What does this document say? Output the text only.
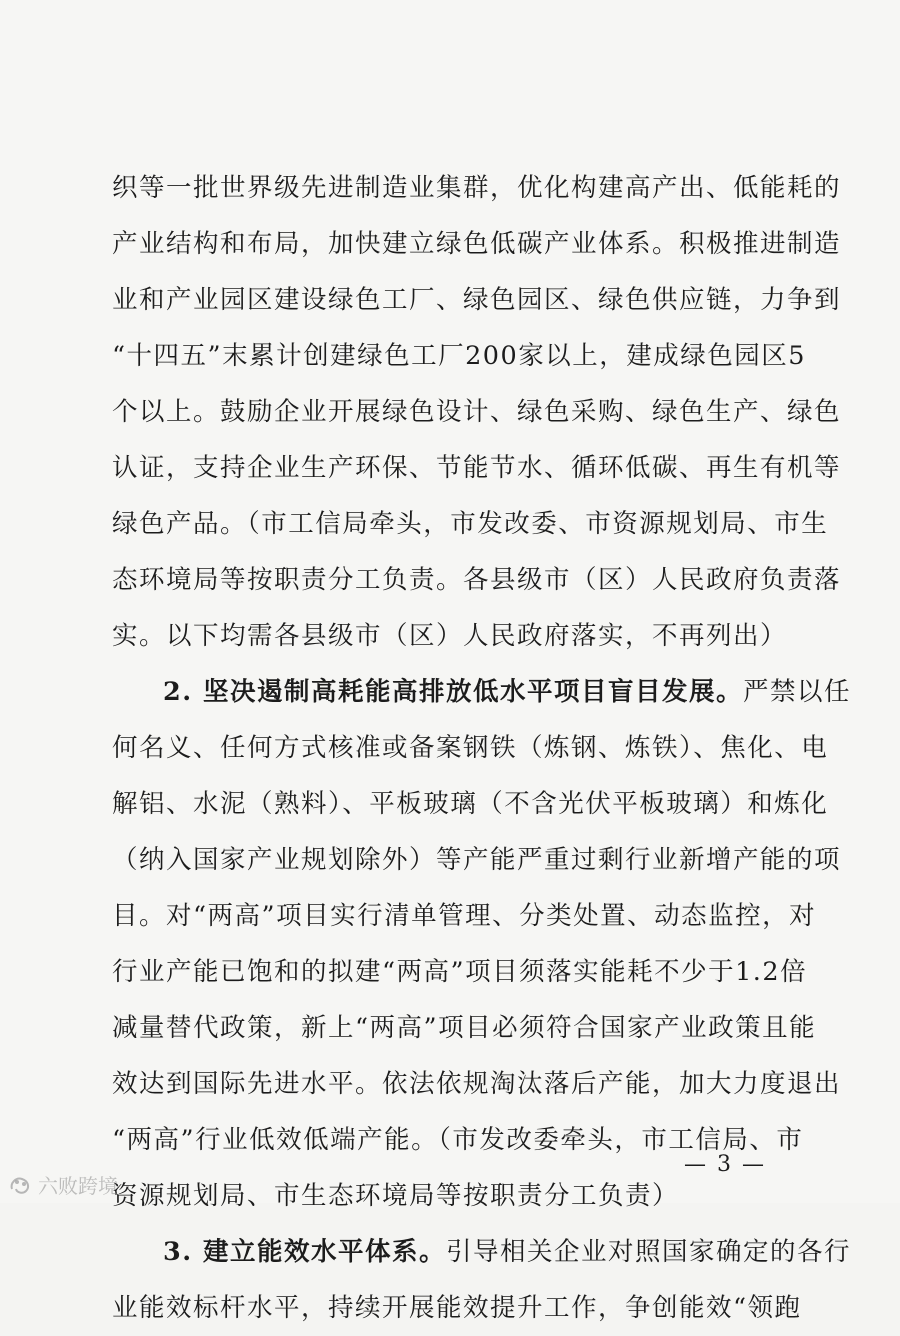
织等一批世界级先进制造业集群，优化构建高产出、低能耗的
产业结构和布局，加快建立绿色低碳产业体系。积极推进制造
业和产业园区建设绿色工厂、绿色园区、绿色供应链，力争到
“十四五”末累计创建绿色工厂200家以上，建成绿色园区5
个以上。鼓励企业开展绿色设计、绿色采购、绿色生产、绿色
认证，支持企业生产环保、节能节水、循环低碳、再生有机等
绿色产品。（市工信局牵头，市发改委、市资源规划局、市生
态环境局等按职责分工负责。各县级市（区）人民政府负责落
实。以下均需各县级市（区）人民政府落实，不再列出）
2. 坚决遏制高耗能高排放低水平项目盲目发展。严禁以任
何名义、任何方式核准或备案钢铁（炼钢、炼铁）、焦化、电
解铝、水泥（熟料）、平板玻璃（不含光伏平板玻璃）和炼化
（纳入国家产业规划除外）等产能严重过剩行业新增产能的项
目。对“两高”项目实行清单管理、分类处置、动态监控，对
行业产能已饱和的拟建“两高”项目须落实能耗不少于1.2倍
减量替代政策，新上“两高”项目必须符合国家产业政策且能
效达到国际先进水平。依法依规淘汰落后产能，加大力度退出
“两高”行业低效低端产能。（市发改委牵头，市工信局、市
资源规划局、市生态环境局等按职责分工负责）
3. 建立能效水平体系。引导相关企业对照国家确定的各行
业能效标杆水平，持续开展能效提升工作，争创能效“领跑
— 3 —
六败跨境
